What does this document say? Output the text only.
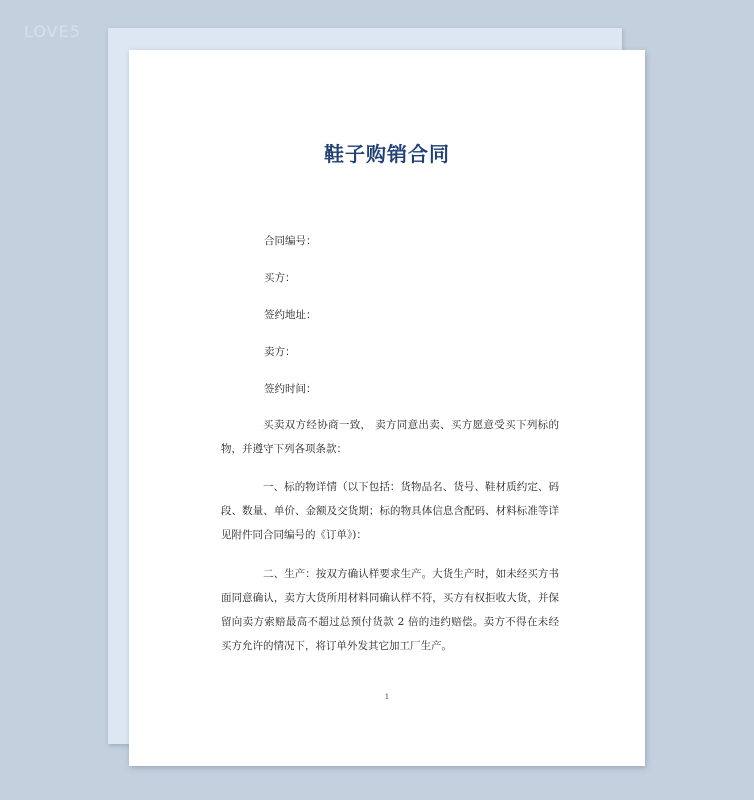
LOVE5
鞋子购销合同
合同编号：
买方：
签约地址：
卖方：
签约时间：
买卖双方经协商一致， 卖方同意出卖、买方愿意受买下列标的物，并遵守下列各项条款：
一、标的物详情（以下包括：货物品名、货号、鞋材质约定、码段、数量、单价、金额及交货期；标的物具体信息含配码、材料标准等详见附件同合同编号的《订单》)：
二、生产：按双方确认样要求生产。大货生产时，如未经买方书面同意确认，卖方大货所用材料同确认样不符，买方有权拒收大货，并保留向卖方索赔最高不超过总预付货款 2 倍的违约赔偿。卖方不得在未经买方允许的情况下，将订单外发其它加工厂生产。
1
